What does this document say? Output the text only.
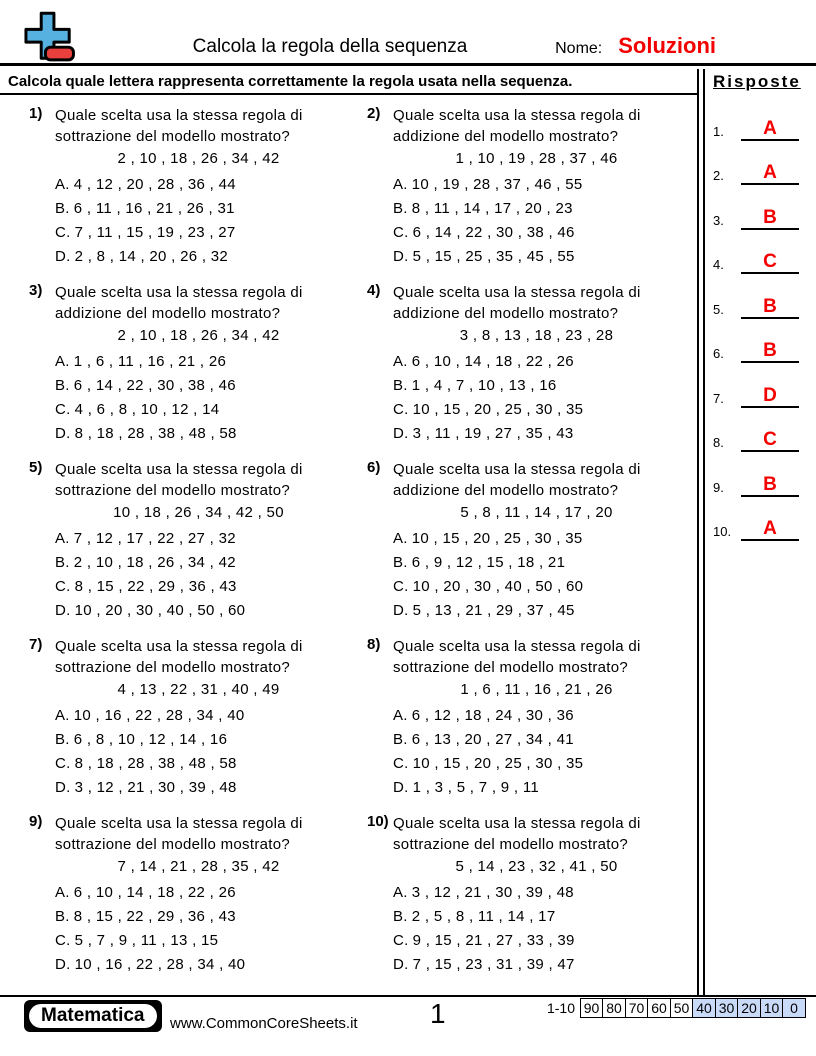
Calcola la regola della sequenza	Nome: Soluzioni
Calcola quale lettera rappresenta correttamente la regola usata nella sequenza.
1) Quale scelta usa la stessa regola di
sottrazione del modello mostrato?
2 , 10 , 18 , 26 , 34 , 42
A. 4 , 12 , 20 , 28 , 36 , 44
B. 6 , 11 , 16 , 21 , 26 , 31
C. 7 , 11 , 15 , 19 , 23 , 27
D. 2 , 8 , 14 , 20 , 26 , 32
2) Quale scelta usa la stessa regola di
addizione del modello mostrato?
1 , 10 , 19 , 28 , 37 , 46
A. 10 , 19 , 28 , 37 , 46 , 55
B. 8 , 11 , 14 , 17 , 20 , 23
C. 6 , 14 , 22 , 30 , 38 , 46
D. 5 , 15 , 25 , 35 , 45 , 55
3) Quale scelta usa la stessa regola di
addizione del modello mostrato?
2 , 10 , 18 , 26 , 34 , 42
A. 1 , 6 , 11 , 16 , 21 , 26
B. 6 , 14 , 22 , 30 , 38 , 46
C. 4 , 6 , 8 , 10 , 12 , 14
D. 8 , 18 , 28 , 38 , 48 , 58
4) Quale scelta usa la stessa regola di
addizione del modello mostrato?
3 , 8 , 13 , 18 , 23 , 28
A. 6 , 10 , 14 , 18 , 22 , 26
B. 1 , 4 , 7 , 10 , 13 , 16
C. 10 , 15 , 20 , 25 , 30 , 35
D. 3 , 11 , 19 , 27 , 35 , 43
5) Quale scelta usa la stessa regola di
sottrazione del modello mostrato?
10 , 18 , 26 , 34 , 42 , 50
A. 7 , 12 , 17 , 22 , 27 , 32
B. 2 , 10 , 18 , 26 , 34 , 42
C. 8 , 15 , 22 , 29 , 36 , 43
D. 10 , 20 , 30 , 40 , 50 , 60
6) Quale scelta usa la stessa regola di
addizione del modello mostrato?
5 , 8 , 11 , 14 , 17 , 20
A. 10 , 15 , 20 , 25 , 30 , 35
B. 6 , 9 , 12 , 15 , 18 , 21
C. 10 , 20 , 30 , 40 , 50 , 60
D. 5 , 13 , 21 , 29 , 37 , 45
7) Quale scelta usa la stessa regola di
sottrazione del modello mostrato?
4 , 13 , 22 , 31 , 40 , 49
A. 10 , 16 , 22 , 28 , 34 , 40
B. 6 , 8 , 10 , 12 , 14 , 16
C. 8 , 18 , 28 , 38 , 48 , 58
D. 3 , 12 , 21 , 30 , 39 , 48
8) Quale scelta usa la stessa regola di
sottrazione del modello mostrato?
1 , 6 , 11 , 16 , 21 , 26
A. 6 , 12 , 18 , 24 , 30 , 36
B. 6 , 13 , 20 , 27 , 34 , 41
C. 10 , 15 , 20 , 25 , 30 , 35
D. 1 , 3 , 5 , 7 , 9 , 11
9) Quale scelta usa la stessa regola di
sottrazione del modello mostrato?
7 , 14 , 21 , 28 , 35 , 42
A. 6 , 10 , 14 , 18 , 22 , 26
B. 8 , 15 , 22 , 29 , 36 , 43
C. 5 , 7 , 9 , 11 , 13 , 15
D. 10 , 16 , 22 , 28 , 34 , 40
10) Quale scelta usa la stessa regola di
sottrazione del modello mostrato?
5 , 14 , 23 , 32 , 41 , 50
A. 3 , 12 , 21 , 30 , 39 , 48
B. 2 , 5 , 8 , 11 , 14 , 17
C. 9 , 15 , 21 , 27 , 33 , 39
D. 7 , 15 , 23 , 31 , 39 , 47
Risposte
1.	A
2.	A
3.	B
4.	C
5.	B
6.	B
7.	D
8.	C
9.	B
10.	A
Matematica	www.CommonCoreSheets.it	1	1-10 90 80 70 60 50 40 30 20 10 0
